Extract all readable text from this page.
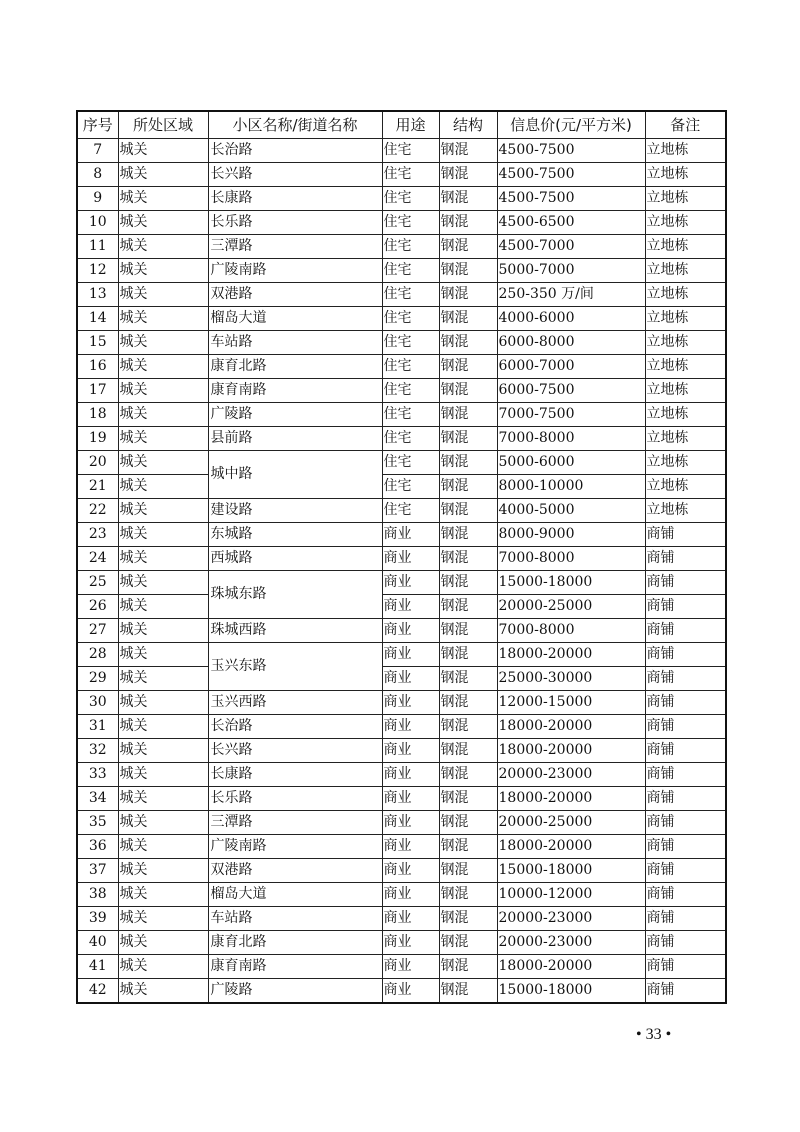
序号	所处区域	小区名称/街道名称	用途	结构	信息价(元/平方米)	备注
7	城关	长治路	住宅	钢混	4500-7500	立地栋
8	城关	长兴路	住宅	钢混	4500-7500	立地栋
9	城关	长康路	住宅	钢混	4500-7500	立地栋
10	城关	长乐路	住宅	钢混	4500-6500	立地栋
11	城关	三潭路	住宅	钢混	4500-7000	立地栋
12	城关	广陵南路	住宅	钢混	5000-7000	立地栋
13	城关	双港路	住宅	钢混	250-350 万/间	立地栋
14	城关	榴岛大道	住宅	钢混	4000-6000	立地栋
15	城关	车站路	住宅	钢混	6000-8000	立地栋
16	城关	康育北路	住宅	钢混	6000-7000	立地栋
17	城关	康育南路	住宅	钢混	6000-7500	立地栋
18	城关	广陵路	住宅	钢混	7000-7500	立地栋
19	城关	县前路	住宅	钢混	7000-8000	立地栋
20	城关	城中路	住宅	钢混	5000-6000	立地栋
21	城关		住宅	钢混	8000-10000	立地栋
22	城关	建设路	住宅	钢混	4000-5000	立地栋
23	城关	东城路	商业	钢混	8000-9000	商铺
24	城关	西城路	商业	钢混	7000-8000	商铺
25	城关	珠城东路	商业	钢混	15000-18000	商铺
26	城关		商业	钢混	20000-25000	商铺
27	城关	珠城西路	商业	钢混	7000-8000	商铺
28	城关	玉兴东路	商业	钢混	18000-20000	商铺
29	城关		商业	钢混	25000-30000	商铺
30	城关	玉兴西路	商业	钢混	12000-15000	商铺
31	城关	长治路	商业	钢混	18000-20000	商铺
32	城关	长兴路	商业	钢混	18000-20000	商铺
33	城关	长康路	商业	钢混	20000-23000	商铺
34	城关	长乐路	商业	钢混	18000-20000	商铺
35	城关	三潭路	商业	钢混	20000-25000	商铺
36	城关	广陵南路	商业	钢混	18000-20000	商铺
37	城关	双港路	商业	钢混	15000-18000	商铺
38	城关	榴岛大道	商业	钢混	10000-12000	商铺
39	城关	车站路	商业	钢混	20000-23000	商铺
40	城关	康育北路	商业	钢混	20000-23000	商铺
41	城关	康育南路	商业	钢混	18000-20000	商铺
42	城关	广陵路	商业	钢混	15000-18000	商铺
• 33 •
